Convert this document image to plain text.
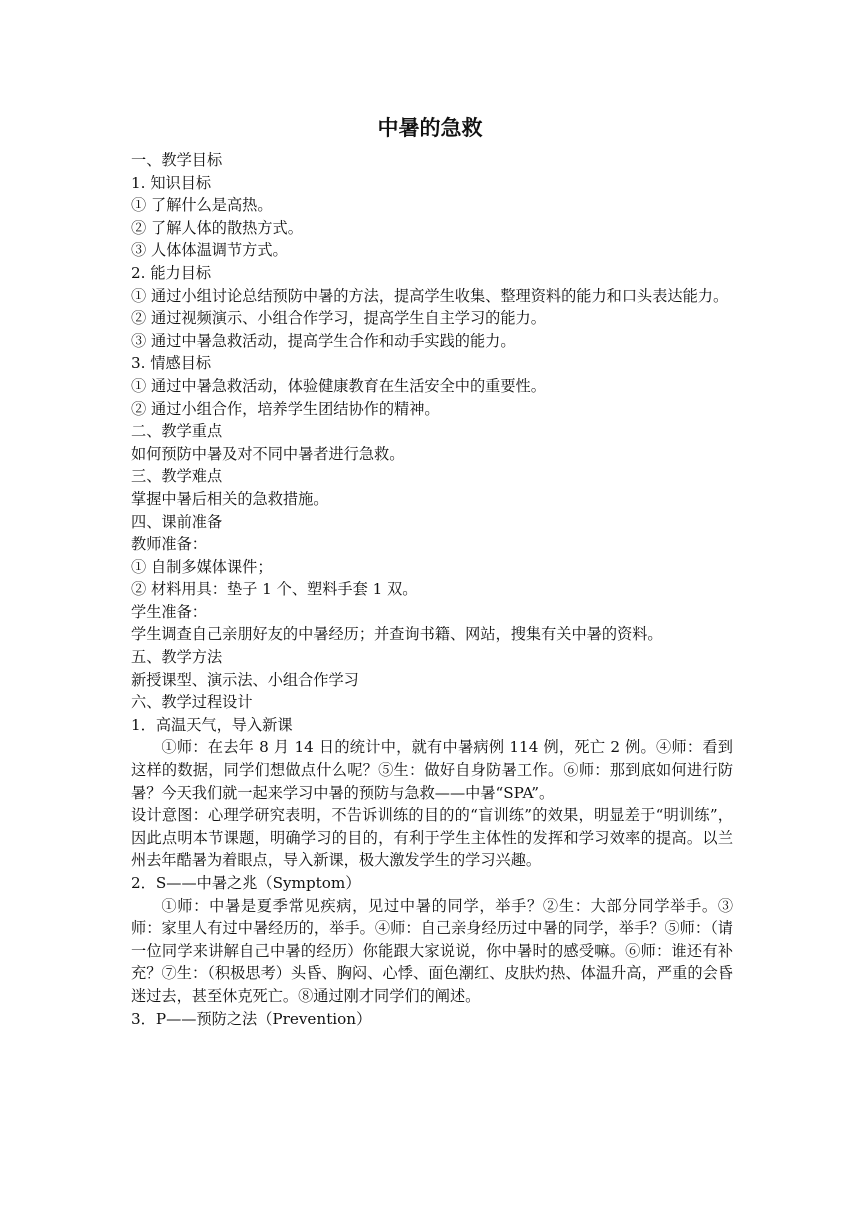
中暑的急救

一、教学目标

1. 知识目标

① 了解什么是高热。

② 了解人体的散热方式。

③ 人体体温调节方式。

2. 能力目标

① 通过小组讨论总结预防中暑的方法，提高学生收集、整理资料的能力和口头表达能力。

② 通过视频演示、小组合作学习，提高学生自主学习的能力。

③ 通过中暑急救活动，提高学生合作和动手实践的能力。

3. 情感目标

① 通过中暑急救活动，体验健康教育在生活安全中的重要性。

② 通过小组合作，培养学生团结协作的精神。

二、教学重点

如何预防中暑及对不同中暑者进行急救。

三、教学难点

掌握中暑后相关的急救措施。

四、课前准备

教师准备：

① 自制多媒体课件；

② 材料用具：垫子 1 个、塑料手套 1 双。

学生准备：

学生调查自己亲朋好友的中暑经历；并查询书籍、网站，搜集有关中暑的资料。

五、教学方法

新授课型、演示法、小组合作学习

六、教学过程设计

1．高温天气，导入新课

①师：在去年 8 月 14 日的统计中，就有中暑病例 114 例，死亡 2 例。④师：看到这样的数据，同学们想做点什么呢？⑤生：做好自身防暑工作。⑥师：那到底如何进行防暑？今天我们就一起来学习中暑的预防与急救——中暑“SPA”。

设计意图：心理学研究表明，不告诉训练的目的的“盲训练”的效果，明显差于“明训练”，因此点明本节课题，明确学习的目的，有利于学生主体性的发挥和学习效率的提高。以兰州去年酷暑为着眼点，导入新课，极大激发学生的学习兴趣。

2．S——中暑之兆（Symptom）

①师：中暑是夏季常见疾病，见过中暑的同学，举手？②生：大部分同学举手。③师：家里人有过中暑经历的，举手。④师：自己亲身经历过中暑的同学，举手？⑤师：（请一位同学来讲解自己中暑的经历）你能跟大家说说，你中暑时的感受嘛。⑥师：谁还有补充？⑦生：（积极思考）头昏、胸闷、心悸、面色潮红、皮肤灼热、体温升高，严重的会昏迷过去，甚至休克死亡。⑧通过刚才同学们的阐述。

3．P——预防之法（Prevention）
